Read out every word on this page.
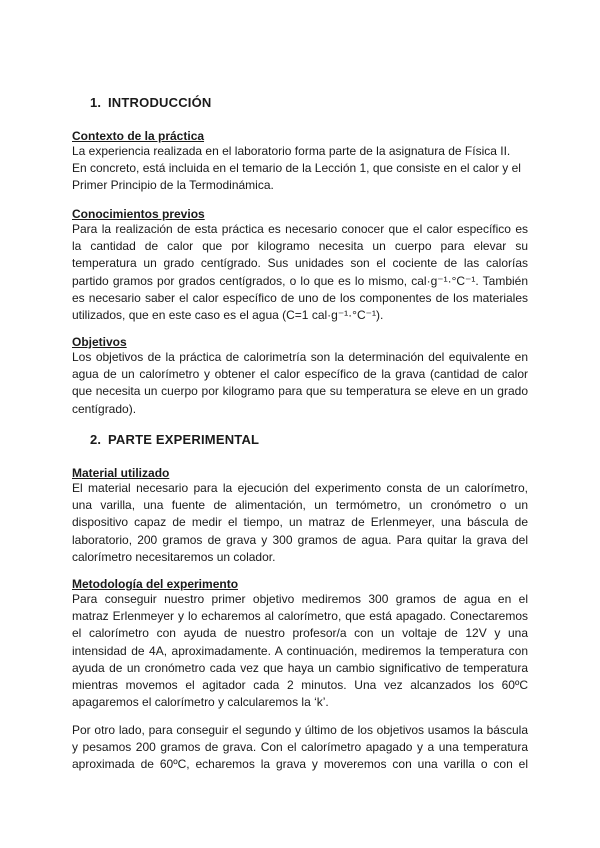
1. INTRODUCCIÓN
Contexto de la práctica
La experiencia realizada en el laboratorio forma parte de la asignatura de Física II.
En concreto, está incluida en el temario de la Lección 1, que consiste en el calor y el
Primer Principio de la Termodinámica.
Conocimientos previos
Para la realización de esta práctica es necesario conocer que el calor específico es
la cantidad de calor que por kilogramo necesita un cuerpo para elevar su
temperatura un grado centígrado. Sus unidades son el cociente de las calorías
partido gramos por grados centígrados, o lo que es lo mismo, cal·g⁻¹·°C⁻¹. También
es necesario saber el calor específico de uno de los componentes de los materiales
utilizados, que en este caso es el agua (C=1 cal·g⁻¹·°C⁻¹).
Objetivos
Los objetivos de la práctica de calorimetría son la determinación del equivalente en
agua de un calorímetro y obtener el calor específico de la grava (cantidad de calor
que necesita un cuerpo por kilogramo para que su temperatura se eleve en un grado
centígrado).
2. PARTE EXPERIMENTAL
Material utilizado
El material necesario para la ejecución del experimento consta de un calorímetro,
una varilla, una fuente de alimentación, un termómetro, un cronómetro o un
dispositivo capaz de medir el tiempo, un matraz de Erlenmeyer, una báscula de
laboratorio, 200 gramos de grava y 300 gramos de agua. Para quitar la grava del
calorímetro necesitaremos un colador.
Metodología del experimento
Para conseguir nuestro primer objetivo mediremos 300 gramos de agua en el
matraz Erlenmeyer y lo echaremos al calorímetro, que está apagado. Conectaremos
el calorímetro con ayuda de nuestro profesor/a con un voltaje de 12V y una
intensidad de 4A, aproximadamente. A continuación, mediremos la temperatura con
ayuda de un cronómetro cada vez que haya un cambio significativo de temperatura
mientras movemos el agitador cada 2 minutos. Una vez alcanzados los 60ºC
apagaremos el calorímetro y calcularemos la ‘k’.
Por otro lado, para conseguir el segundo y último de los objetivos usamos la báscula
y pesamos 200 gramos de grava. Con el calorímetro apagado y a una temperatura
aproximada de 60ºC, echaremos la grava y moveremos con una varilla o con el
